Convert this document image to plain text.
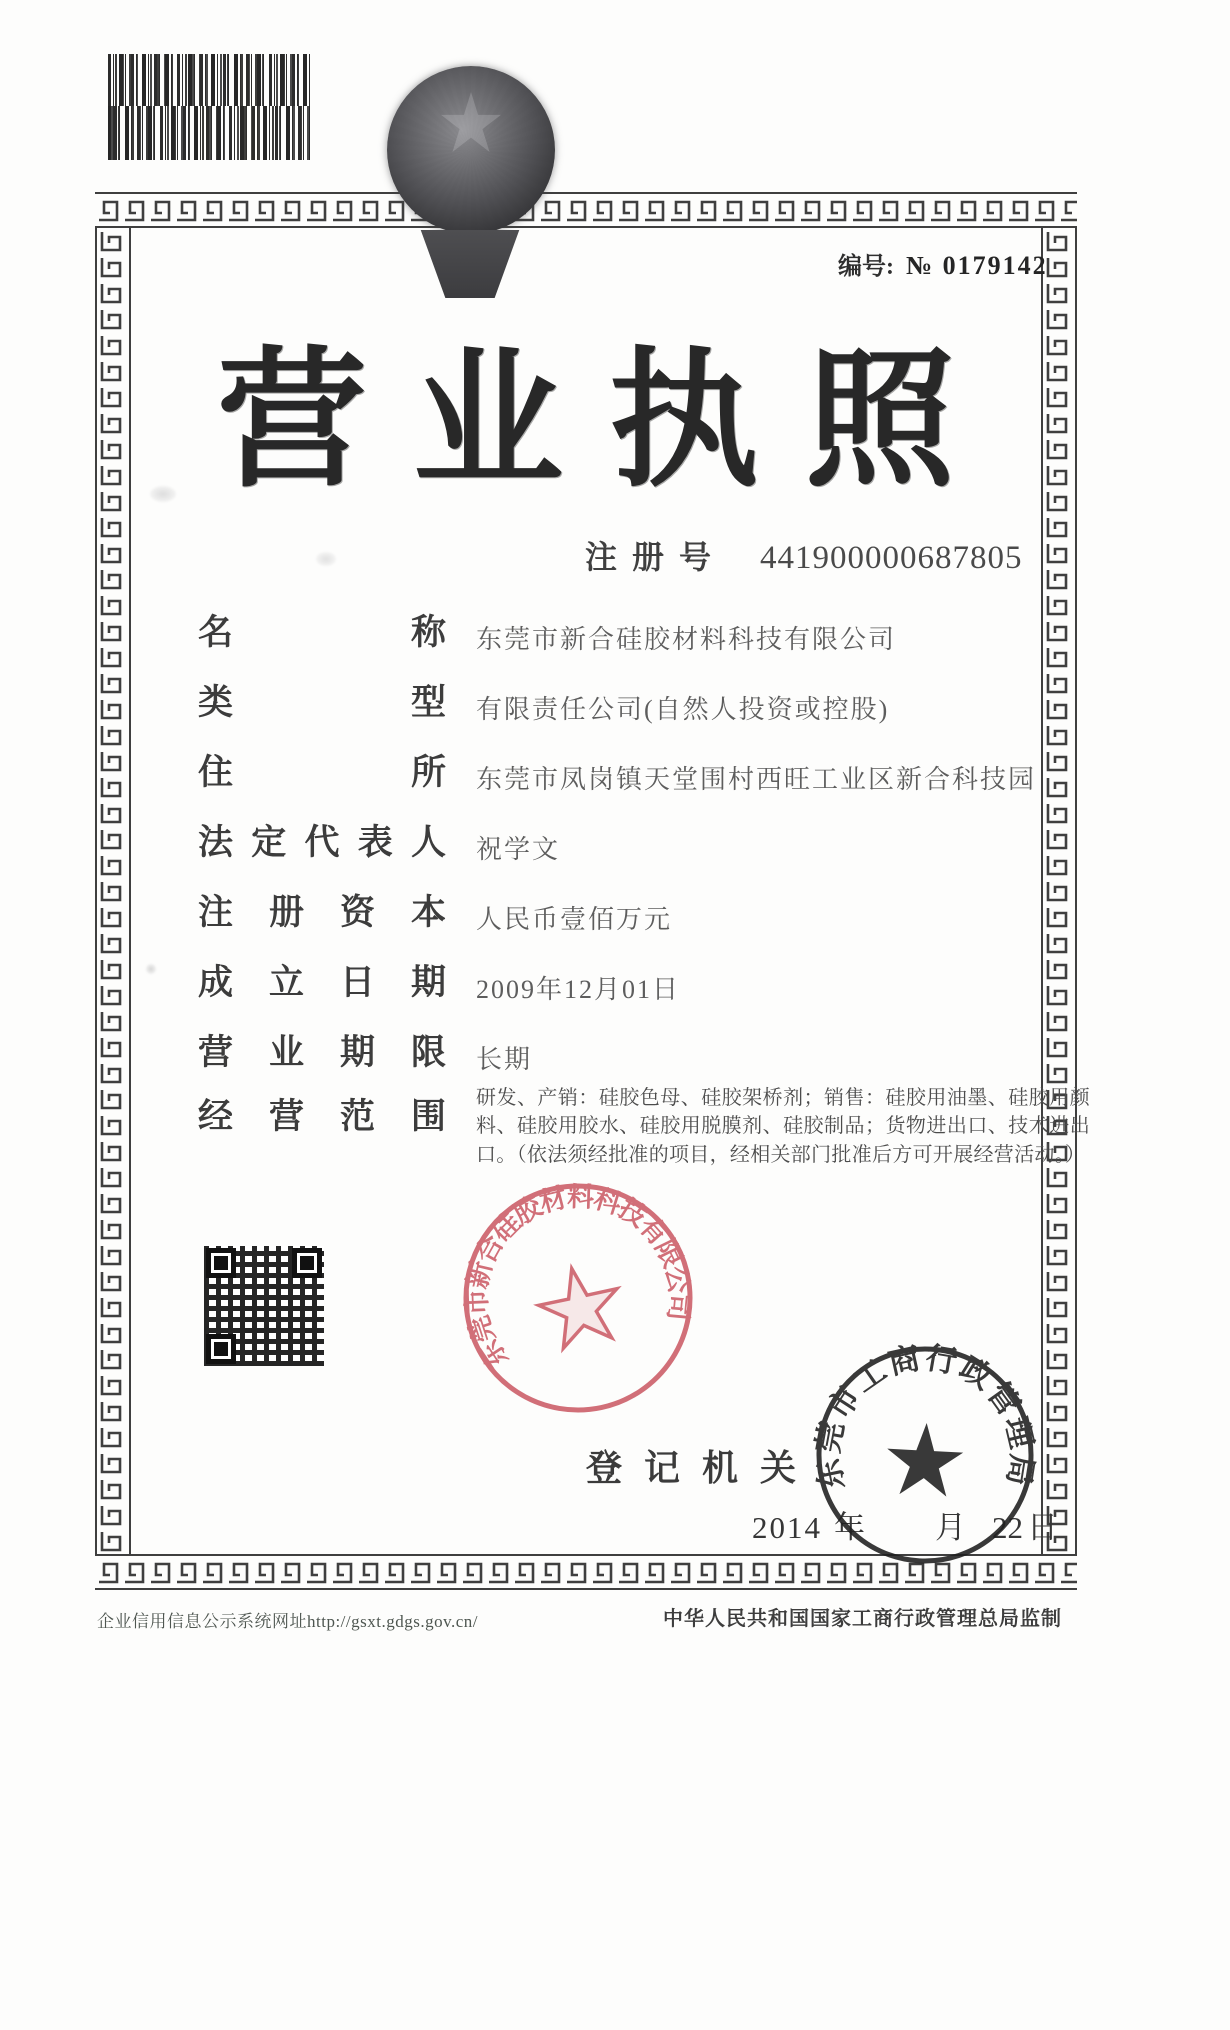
编号: № 0179142
营业执照
注册号 441900000687805
名称 东莞市新合硅胶材料科技有限公司
类型 有限责任公司(自然人投资或控股)
住所 东莞市凤岗镇天堂围村西旺工业区新合科技园
法定代表人 祝学文
注册资本 人民币壹佰万元
成立日期 2009年12月01日
营业期限 长期
经营范围 研发、产销：硅胶色母、硅胶架桥剂；销售：硅胶用油墨、硅胶用颜料、硅胶用胶水、硅胶用脱膜剂、硅胶制品；货物进出口、技术进出口。（依法须经批准的项目，经相关部门批准后方可开展经营活动。）
东莞市新合硅胶材料科技有限公司
登记机关
2014 年 月 22 日
东莞市工商行政管理局
企业信用信息公示系统网址http://gsxt.gdgs.gov.cn/	中华人民共和国国家工商行政管理总局监制
